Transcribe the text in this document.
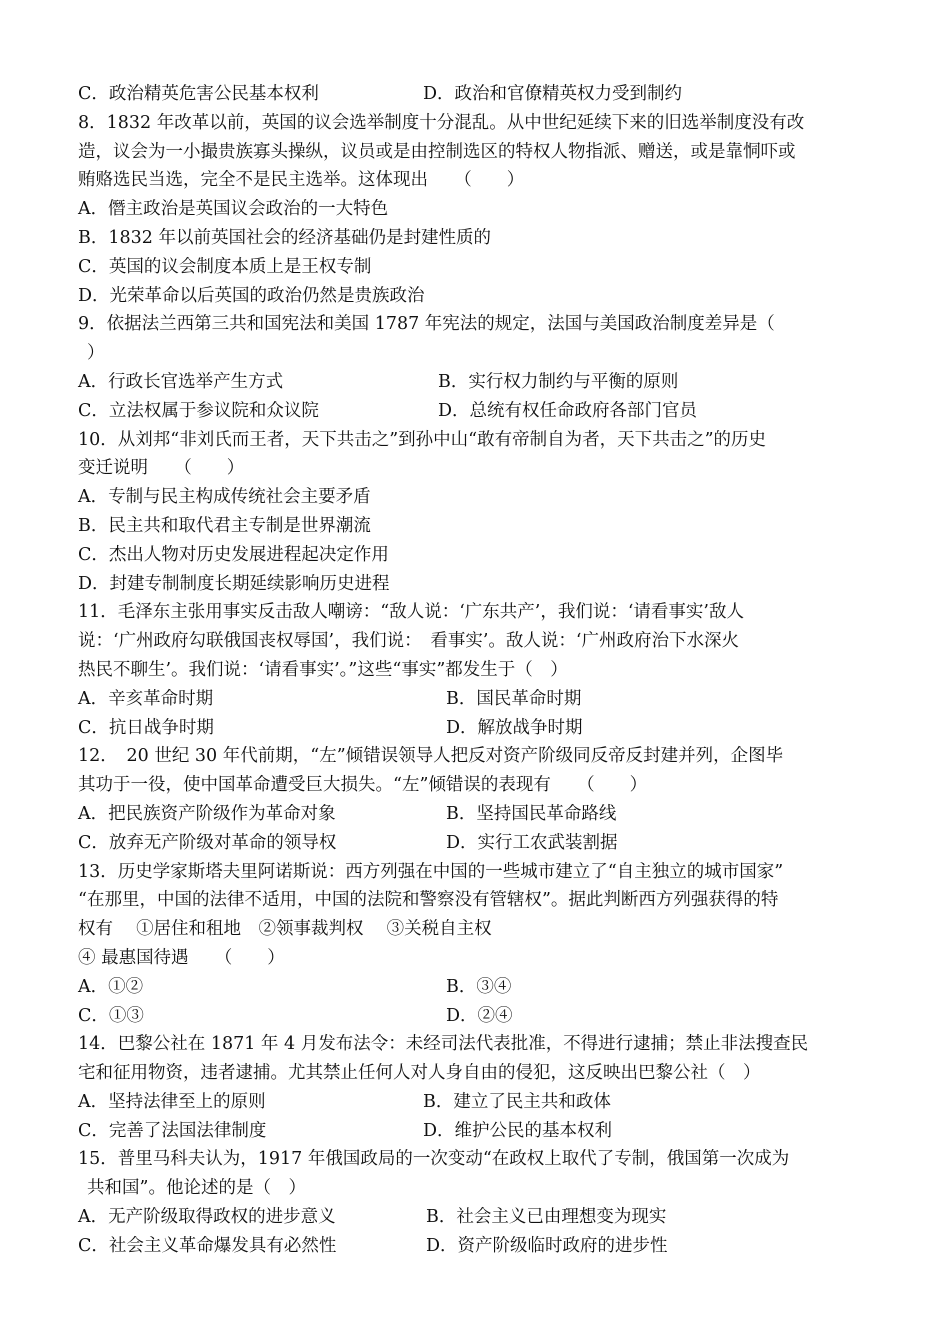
C．政治精英危害公民基本权利	D．政治和官僚精英权力受到制约
8．1832 年改革以前，英国的议会选举制度十分混乱。从中世纪延续下来的旧选举制度没有改
造，议会为一小撮贵族寡头操纵，议员或是由控制选区的特权人物指派、赠送，或是靠恫吓或
贿赂选民当选，完全不是民主选举。这体现出　　（　　）
A．僭主政治是英国议会政治的一大特色
B．1832 年以前英国社会的经济基础仍是封建性质的
C．英国的议会制度本质上是王权专制
D．光荣革命以后英国的政治仍然是贵族政治
9．依据法兰西第三共和国宪法和美国 1787 年宪法的规定，法国与美国政治制度差异是（
）
A．行政长官选举产生方式	B．实行权力制约与平衡的原则
C．立法权属于参议院和众议院	D．总统有权任命政府各部门官员
10．从刘邦“非刘氏而王者，天下共击之”到孙中山“敢有帝制自为者，天下共击之”的历史
变迁说明　　（　　）
A．专制与民主构成传统社会主要矛盾
B．民主共和取代君主专制是世界潮流
C．杰出人物对历史发展进程起决定作用
D．封建专制制度长期延续影响历史进程
11．毛泽东主张用事实反击敌人嘲谤：“敌人说：‘广东共产’，我们说：‘请看事实’敌人
说：‘广州政府勾联俄国丧权辱国’，我们说：　看事实’。敌人说：‘广州政府治下水深火
热民不聊生’。我们说：‘请看事实’。”这些“事实”都发生于（　）
A．辛亥革命时期	B．国民革命时期
C．抗日战争时期	D．解放战争时期
12．　20 世纪 30 年代前期，“左”倾错误领导人把反对资产阶级同反帝反封建并列，企图毕
其功于一役，使中国革命遭受巨大损失。“左”倾错误的表现有　　（　　）
A．把民族资产阶级作为革命对象	B．坚持国民革命路线
C．放弃无产阶级对革命的领导权	D．实行工农武装割据
13．历史学家斯塔夫里阿诺斯说：西方列强在中国的一些城市建立了“自主独立的城市国家”
“在那里，中国的法律不适用，中国的法院和警察没有管辖权”。据此判断西方列强获得的特
权有　 ①居住和租地　②领事裁判权　 ③关税自主权
④ 最惠国待遇　　（　　）
A．①②	B．③④
C．①③	D．②④
14．巴黎公社在 1871 年 4 月发布法令：未经司法代表批准，不得进行逮捕；禁止非法搜查民
宅和征用物资，违者逮捕。尤其禁止任何人对人身自由的侵犯，这反映出巴黎公社（　）
A．坚持法律至上的原则	B．建立了民主共和政体
C．完善了法国法律制度	D．维护公民的基本权利
15．普里马科夫认为，1917 年俄国政局的一次变动“在政权上取代了专制，俄国第一次成为
共和国”。他论述的是（　）
A．无产阶级取得政权的进步意义	B．社会主义已由理想变为现实
C．社会主义革命爆发具有必然性	D．资产阶级临时政府的进步性
